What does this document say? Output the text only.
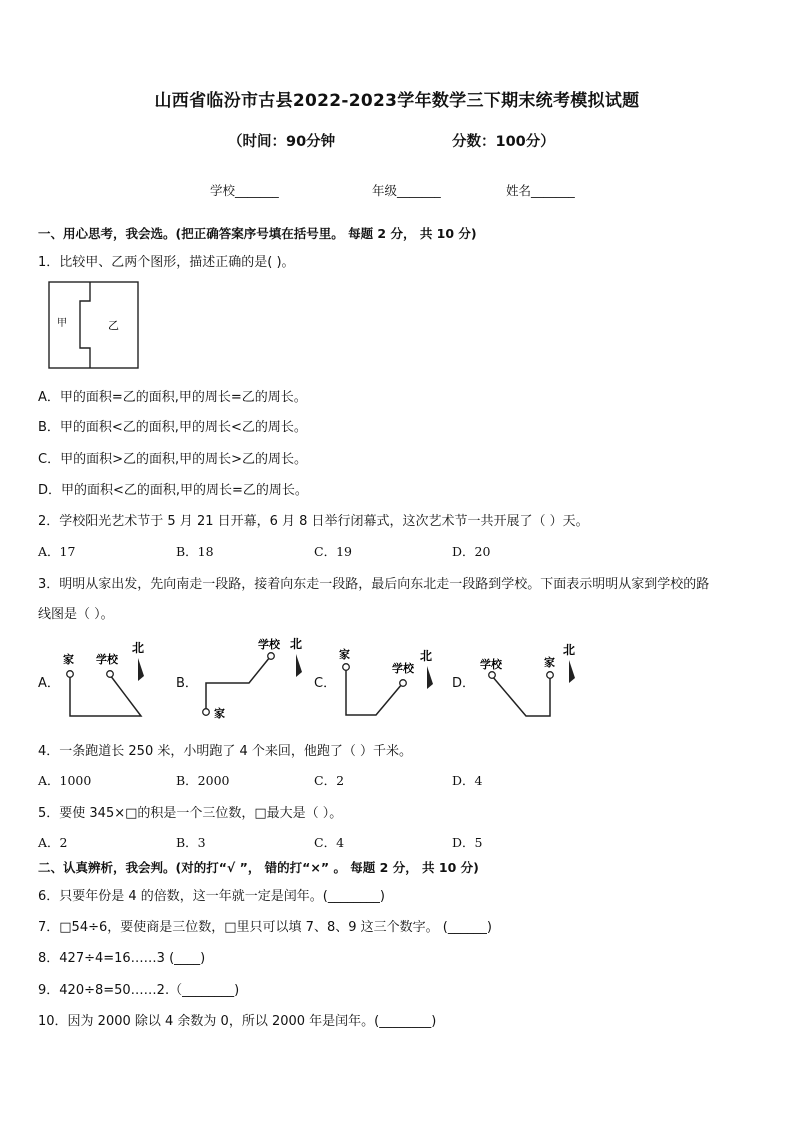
山西省临汾市古县2022-2023学年数学三下期末统考模拟试题
（时间：90分钟	分数：100分）
学校_______	年级_______	姓名_______
一、用心思考，我会选。(把正确答案序号填在括号里。 每题 2 分， 共 10 分)
1．比较甲、乙两个图形，描述正确的是( )。
甲	乙
A．甲的面积=乙的面积,甲的周长=乙的周长。
B．甲的面积<乙的面积,甲的周长<乙的周长。
C．甲的面积>乙的面积,甲的周长>乙的周长。
D．甲的面积<乙的面积,甲的周长=乙的周长。
2．学校阳光艺术节于 5 月 21 日开幕，6 月 8 日举行闭幕式，这次艺术节一共开展了（ ）天。
A．17	B．18	C．19	D．20
3．明明从家出发，先向南走一段路，接着向东走一段路，最后向东北走一段路到学校。下面表示明明从家到学校的路
线图是（ ）。
A．	B．	C．	D．
家 学校
北
家
学校 北
家
学校
北
学校	家
北
4．一条跑道长 250 米，小明跑了 4 个来回，他跑了（ ）千米。
A．1000	B．2000	C．2	D．4
5．要使 345×□的积是一个三位数，□最大是（ ）。
A．2	B．3	C．4	D．5
二、认真辨析，我会判。(对的打“√ ”， 错的打“×” 。 每题 2 分， 共 10 分)
6．只要年份是 4 的倍数，这一年就一定是闰年。(________)
7．□54÷6，要使商是三位数，□里只可以填 7、8、9 这三个数字。 (______)
8．427÷4=16……3 (____)
9．420÷8=50……2.（________)
10．因为 2000 除以 4 余数为 0，所以 2000 年是闰年。(________)
